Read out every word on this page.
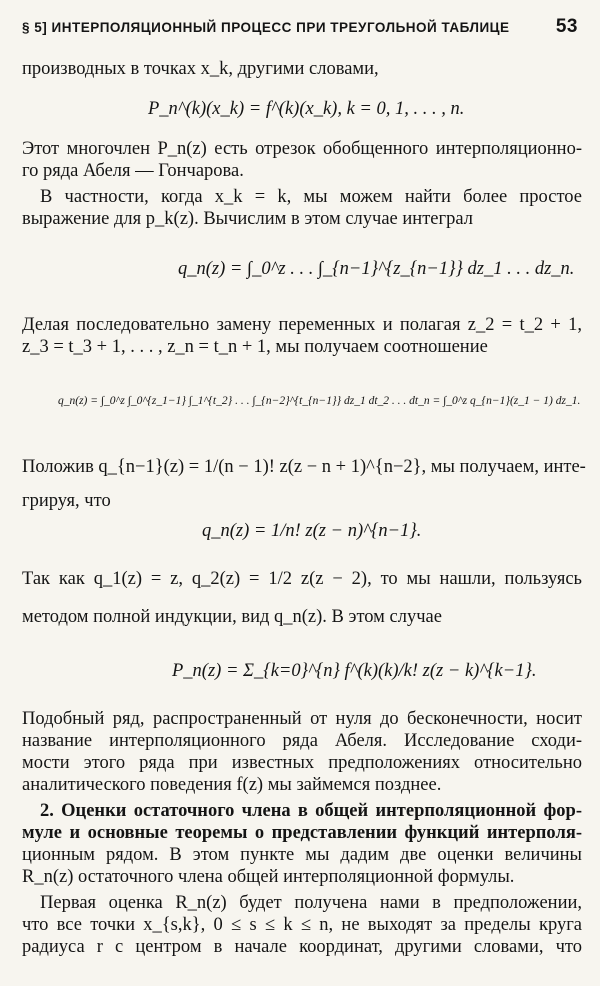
§ 5] ИНТЕРПОЛЯЦИОННЫЙ ПРОЦЕСС ПРИ ТРЕУГОЛЬНОЙ ТАБЛИЦЕ 53
производных в точках x_k, другими словами,
P_n^(k)(x_k) = f^(k)(x_k), k = 0, 1, . . . , n.
Этот многочлен P_n(z) есть отрезок обобщенного интерполяционно-
го ряда Абеля — Гончарова.
В частности, когда x_k = k, мы можем найти более простое
выражение для p_k(z). Вычислим в этом случае интеграл
q_n(z) = ∫_0^z . . . ∫_{n−1}^{z_{n−1}} dz_1 . . . dz_n.
Делая последовательно замену переменных и полагая z_2 = t_2 + 1,
z_3 = t_3 + 1, . . . , z_n = t_n + 1, мы получаем соотношение
q_n(z) = ∫_0^z ∫_0^{z_1−1} ∫_1^{t_2} . . . ∫_{n−2}^{t_{n−1}} dz_1 dt_2 . . . dt_n = ∫_0^z q_{n−1}(z_1 − 1) dz_1.
Положив q_{n−1}(z) = 1/(n − 1)! z(z − n + 1)^{n−2}, мы получаем, инте-
грируя, что
q_n(z) = 1/n! z(z − n)^{n−1}.
Так как q_1(z) = z, q_2(z) = 1/2 z(z − 2), то мы нашли, пользуясь
методом полной индукции, вид q_n(z). В этом случае
P_n(z) = Σ_{k=0}^{n} f^(k)(k)/k! z(z − k)^{k−1}.
Подобный ряд, распространенный от нуля до бесконечности, носит
название интерполяционного ряда Абеля. Исследование сходи-
мости этого ряда при известных предположениях относительно
аналитического поведения f(z) мы займемся позднее.
2. Оценки остаточного члена в общей интерполяционной фор-
муле и основные теоремы о представлении функций интерполя-
ционным рядом. В этом пункте мы дадим две оценки величины
R_n(z) остаточного члена общей интерполяционной формулы.
Первая оценка R_n(z) будет получена нами в предположении,
что все точки x_{s,k}, 0 ≤ s ≤ k ≤ n, не выходят за пределы круга
радиуса r с центром в начале координат, другими словами, что
